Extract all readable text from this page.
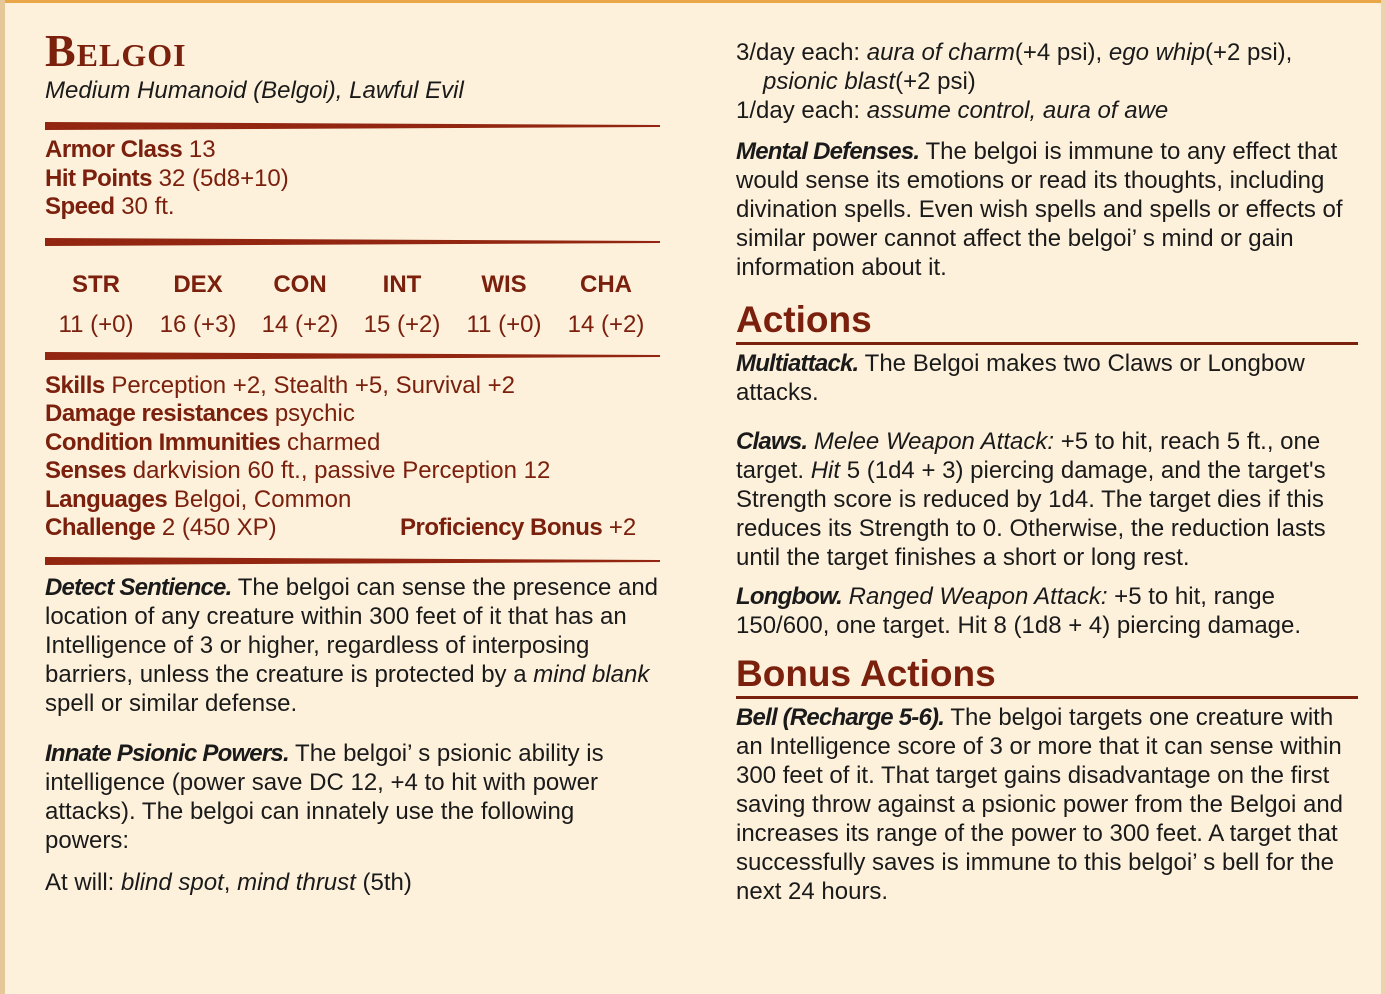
Belgoi
Medium Humanoid (Belgoi), Lawful Evil
Armor Class 13
Hit Points 32 (5d8+10)
Speed 30 ft.
STR	DEX	CON	INT	WIS	CHA
11 (+0)	16 (+3)	14 (+2)	15 (+2)	11 (+0)	14 (+2)
Skills Perception +2, Stealth +5, Survival +2
Damage resistances psychic
Condition Immunities charmed
Senses darkvision 60 ft., passive Perception 12
Languages Belgoi, Common
Challenge 2 (450 XP)	Proficiency Bonus +2

Detect Sentience. The belgoi can sense the presence and location of any creature within 300 feet of it that has an Intelligence of 3 or higher, regardless of interposing barriers, unless the creature is protected by a mind blank spell or similar defense.

Innate Psionic Powers. The belgoi’ s psionic ability is intelligence (power save DC 12, +4 to hit with power attacks). The belgoi can innately use the following powers:

At will: blind spot, mind thrust (5th)

3/day each: aura of charm(+4 psi), ego whip(+2 psi), psionic blast(+2 psi)

1/day each: assume control, aura of awe

Mental Defenses. The belgoi is immune to any effect that would sense its emotions or read its thoughts, including divination spells. Even wish spells and spells or effects of similar power cannot affect the belgoi’ s mind or gain information about it.

Actions

Multiattack. The Belgoi makes two Claws or Longbow attacks.

Claws. Melee Weapon Attack: +5 to hit, reach 5 ft., one target. Hit 5 (1d4 + 3) piercing damage, and the target's Strength score is reduced by 1d4. The target dies if this reduces its Strength to 0. Otherwise, the reduction lasts until the target finishes a short or long rest.

Longbow. Ranged Weapon Attack: +5 to hit, range 150/600, one target. Hit 8 (1d8 + 4) piercing damage.

Bonus Actions

Bell (Recharge 5-6). The belgoi targets one creature with an Intelligence score of 3 or more that it can sense within 300 feet of it. That target gains disadvantage on the first saving throw against a psionic power from the Belgoi and increases its range of the power to 300 feet. A target that successfully saves is immune to this belgoi’ s bell for the next 24 hours.
